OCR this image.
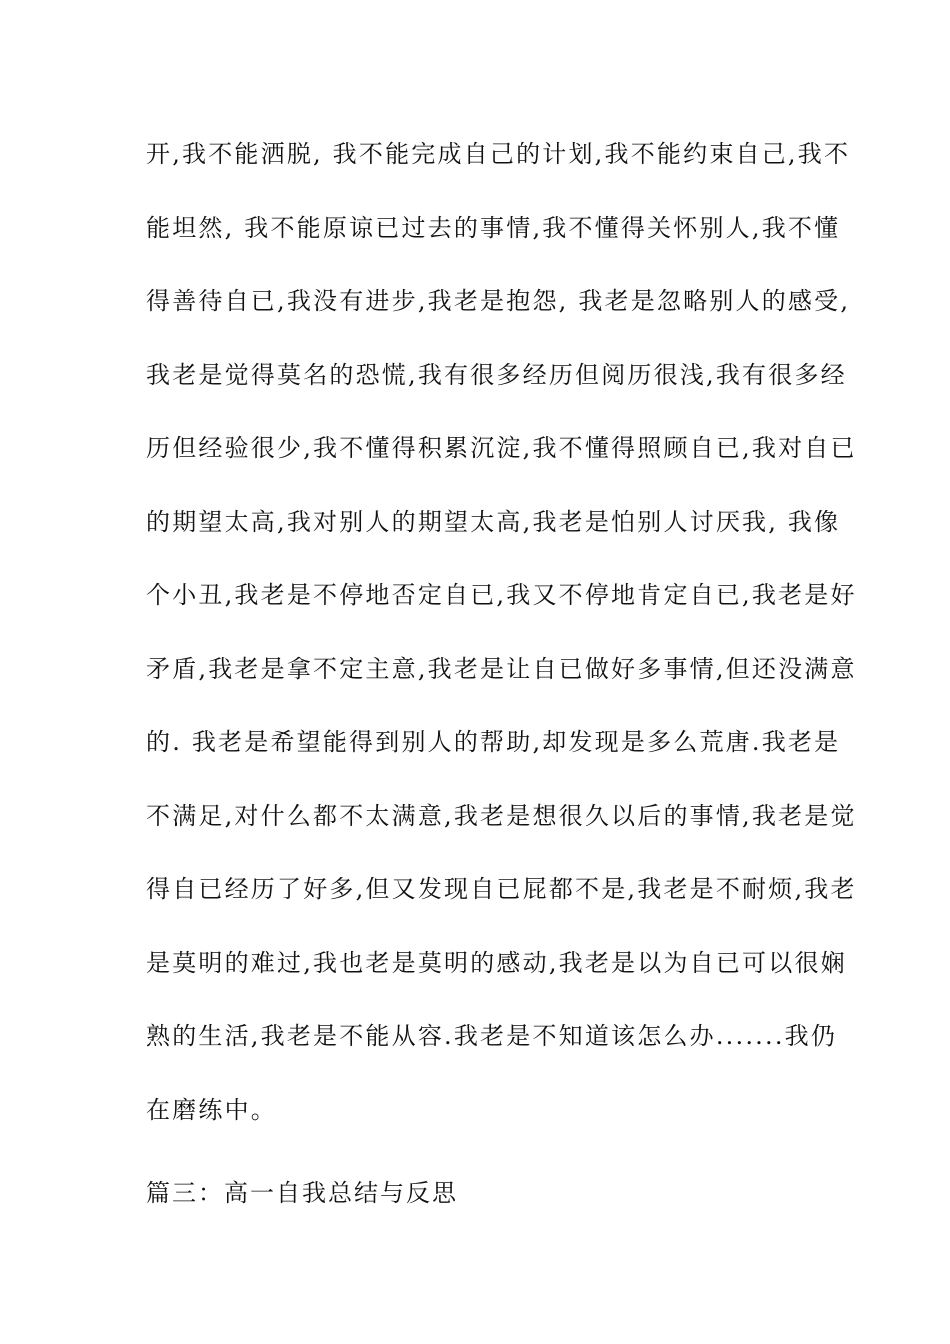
开,我不能洒脱, 我不能完成自己的计划,我不能约束自己,我不
能坦然, 我不能原谅已过去的事情,我不懂得关怀别人,我不懂
得善待自已,我没有进步,我老是抱怨, 我老是忽略别人的感受,
我老是觉得莫名的恐慌,我有很多经历但阅历很浅,我有很多经
历但经验很少,我不懂得积累沉淀,我不懂得照顾自已,我对自已
的期望太高,我对别人的期望太高,我老是怕别人讨厌我, 我像
个小丑,我老是不停地否定自已,我又不停地肯定自已,我老是好
矛盾,我老是拿不定主意,我老是让自已做好多事情,但还没满意
的. 我老是希望能得到别人的帮助,却发现是多么荒唐.我老是
不满足,对什么都不太满意,我老是想很久以后的事情,我老是觉
得自已经历了好多,但又发现自已屁都不是,我老是不耐烦,我老
是莫明的难过,我也老是莫明的感动,我老是以为自已可以很娴
熟的生活,我老是不能从容.我老是不知道该怎么办.......我仍
在磨练中。
篇三：高一自我总结与反思
